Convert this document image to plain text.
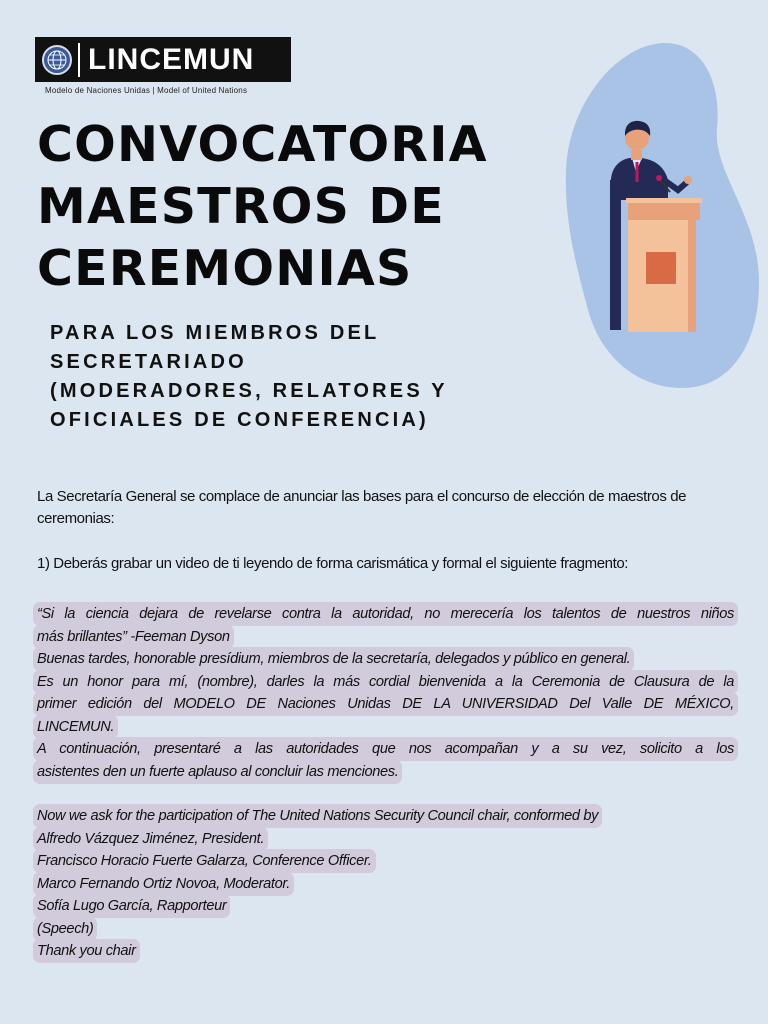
LINCEMUN
Modelo de Naciones Unidas | Model of United Nations
CONVOCATORIA
MAESTROS DE
CEREMONIAS
PARA LOS MIEMBROS DEL
SECRETARIADO
(MODERADORES, RELATORES Y
OFICIALES DE CONFERENCIA)

La Secretaría General se complace de anunciar las bases para el concurso de elección de maestros de ceremonias:

1) Deberás grabar un video de ti leyendo de forma carismática y formal el siguiente fragmento:

“Si la ciencia dejara de revelarse contra la autoridad, no merecería los talentos de nuestros niños
más brillantes” -Feeman Dyson
Buenas tardes, honorable presídium, miembros de la secretaría, delegados y público en general.
Es un honor para mí, (nombre), darles la más cordial bienvenida a la Ceremonia de Clausura de la
primer edición del MODELO DE Naciones Unidas DE LA UNIVERSIDAD Del Valle DE MÉXICO,
LINCEMUN.
A continuación, presentaré a las autoridades que nos acompañan y a su vez, solicito a los
asistentes den un fuerte aplauso al concluir las menciones.
Now we ask for the participation of The United Nations Security Council chair, conformed by
Alfredo Vázquez Jiménez, President.
Francisco Horacio Fuerte Galarza, Conference Officer.
Marco Fernando Ortiz Novoa, Moderator.
Sofía Lugo García, Rapporteur
(Speech)
Thank you chair
